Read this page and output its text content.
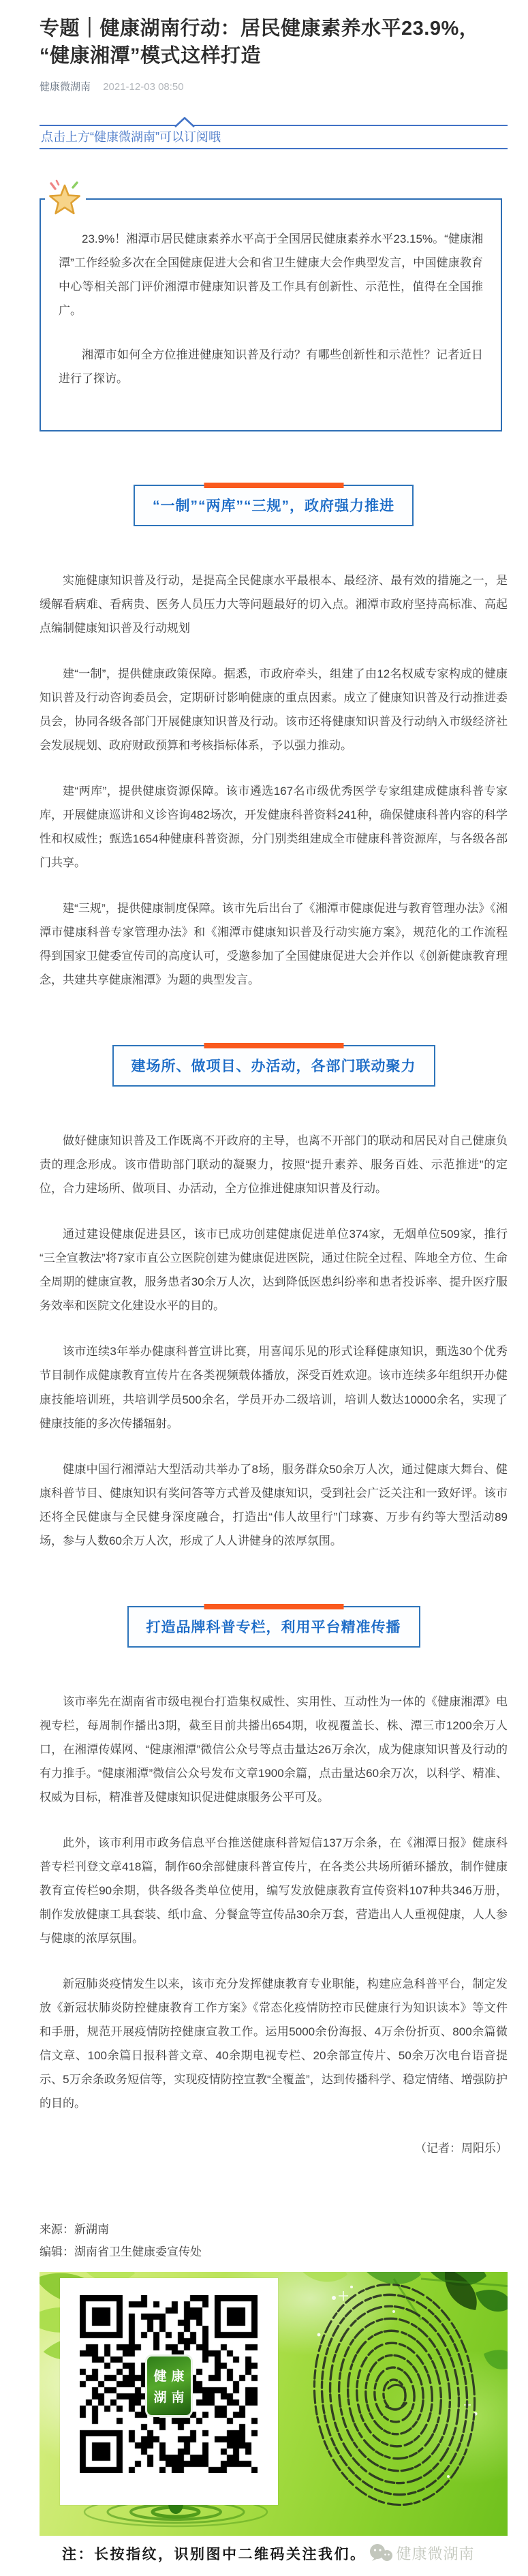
专题｜健康湖南行动：居民健康素养水平23.9%，“健康湘潭”模式这样打造
健康微湖南 2021-12-03 08:50
点击上方“健康微湖南”可以订阅哦

23.9%！湘潭市居民健康素养水平高于全国居民健康素养水平23.15%。“健康湘潭”工作经验多次在全国健康促进大会和省卫生健康大会作典型发言，中国健康教育中心等相关部门评价湘潭市健康知识普及工作具有创新性、示范性，值得在全国推广。

湘潭市如何全方位推进健康知识普及行动？有哪些创新性和示范性？记者近日进行了探访。

“一制”“两库”“三规”，政府强力推进

实施健康知识普及行动，是提高全民健康水平最根本、最经济、最有效的措施之一，是缓解看病难、看病贵、医务人员压力大等问题最好的切入点。湘潭市政府坚持高标准、高起点编制健康知识普及行动规划

建“一制”，提供健康政策保障。据悉，市政府牵头，组建了由12名权威专家构成的健康知识普及行动咨询委员会，定期研讨影响健康的重点因素。成立了健康知识普及行动推进委员会，协同各级各部门开展健康知识普及行动。该市还将健康知识普及行动纳入市级经济社会发展规划、政府财政预算和考核指标体系，予以强力推动。

建“两库”，提供健康资源保障。该市遴选167名市级优秀医学专家组建成健康科普专家库，开展健康巡讲和义诊咨询482场次，开发健康科普资料241种，确保健康科普内容的科学性和权威性；甄选1654种健康科普资源，分门别类组建成全市健康科普资源库，与各级各部门共享。

建“三规”，提供健康制度保障。该市先后出台了《湘潭市健康促进与教育管理办法》《湘潭市健康科普专家管理办法》和《湘潭市健康知识普及行动实施方案》，规范化的工作流程得到国家卫健委宣传司的高度认可，受邀参加了全国健康促进大会并作以《创新健康教育理念，共建共享健康湘潭》为题的典型发言。

建场所、做项目、办活动，各部门联动聚力

做好健康知识普及工作既离不开政府的主导，也离不开部门的联动和居民对自己健康负责的理念形成。该市借助部门联动的凝聚力，按照“提升素养、服务百姓、示范推进”的定位，合力建场所、做项目、办活动，全方位推进健康知识普及行动。

通过建设健康促进县区，该市已成功创建健康促进单位374家，无烟单位509家，推行“三全宣教法”将7家市直公立医院创建为健康促进医院，通过住院全过程、阵地全方位、生命全周期的健康宣教，服务患者30余万人次，达到降低医患纠纷率和患者投诉率、提升医疗服务效率和医院文化建设水平的目的。

该市连续3年举办健康科普宣讲比赛，用喜闻乐见的形式诠释健康知识，甄选30个优秀节目制作成健康教育宣传片在各类视频载体播放，深受百姓欢迎。该市连续多年组织开办健康技能培训班，共培训学员500余名，学员开办二级培训，培训人数达10000余名，实现了健康技能的多次传播辐射。

健康中国行湘潭站大型活动共举办了8场，服务群众50余万人次，通过健康大舞台、健康科普节目、健康知识有奖问答等方式普及健康知识，受到社会广泛关注和一致好评。该市还将全民健康与全民健身深度融合，打造出“伟人故里行”门球赛、万步有约等大型活动89场，参与人数60余万人次，形成了人人讲健身的浓厚氛围。

打造品牌科普专栏，利用平台精准传播

该市率先在湖南省市级电视台打造集权威性、实用性、互动性为一体的《健康湘潭》电视专栏，每周制作播出3期，截至目前共播出654期，收视覆盖长、株、潭三市1200余万人口，在湘潭传媒网、“健康湘潭”微信公众号等点击量达26万余次，成为健康知识普及行动的有力推手。“健康湘潭”微信公众号发布文章1900余篇，点击量达60余万次，以科学、精准、权威为目标，精准普及健康知识促进健康服务公平可及。

此外，该市利用市政务信息平台推送健康科普短信137万余条，在《湘潭日报》健康科普专栏刊登文章418篇，制作60余部健康科普宣传片，在各类公共场所循环播放，制作健康教育宣传栏90余期，供各级各类单位使用，编写发放健康教育宣传资料107种共346万册，制作发放健康工具套装、纸巾盒、分餐盒等宣传品30余万套，营造出人人重视健康，人人参与健康的浓厚氛围。

新冠肺炎疫情发生以来，该市充分发挥健康教育专业职能，构建应急科普平台，制定发放《新冠状肺炎防控健康教育工作方案》《常态化疫情防控市民健康行为知识读本》等文件和手册，规范开展疫情防控健康宣教工作。运用5000余份海报、4万余份折页、800余篇微信文章、100余篇日报科普文章、40余期电视专栏、20余部宣传片、50余万次电台语音提示、5万余条政务短信等，实现疫情防控宣教“全覆盖”，达到传播科学、稳定情绪、增强防护的目的。

（记者：周阳乐）
来源：新湖南
编辑：湖南省卫生健康委宣传处
健康
湖南
注：长按指纹，识别图中二维码关注我们。 健康微湖南
